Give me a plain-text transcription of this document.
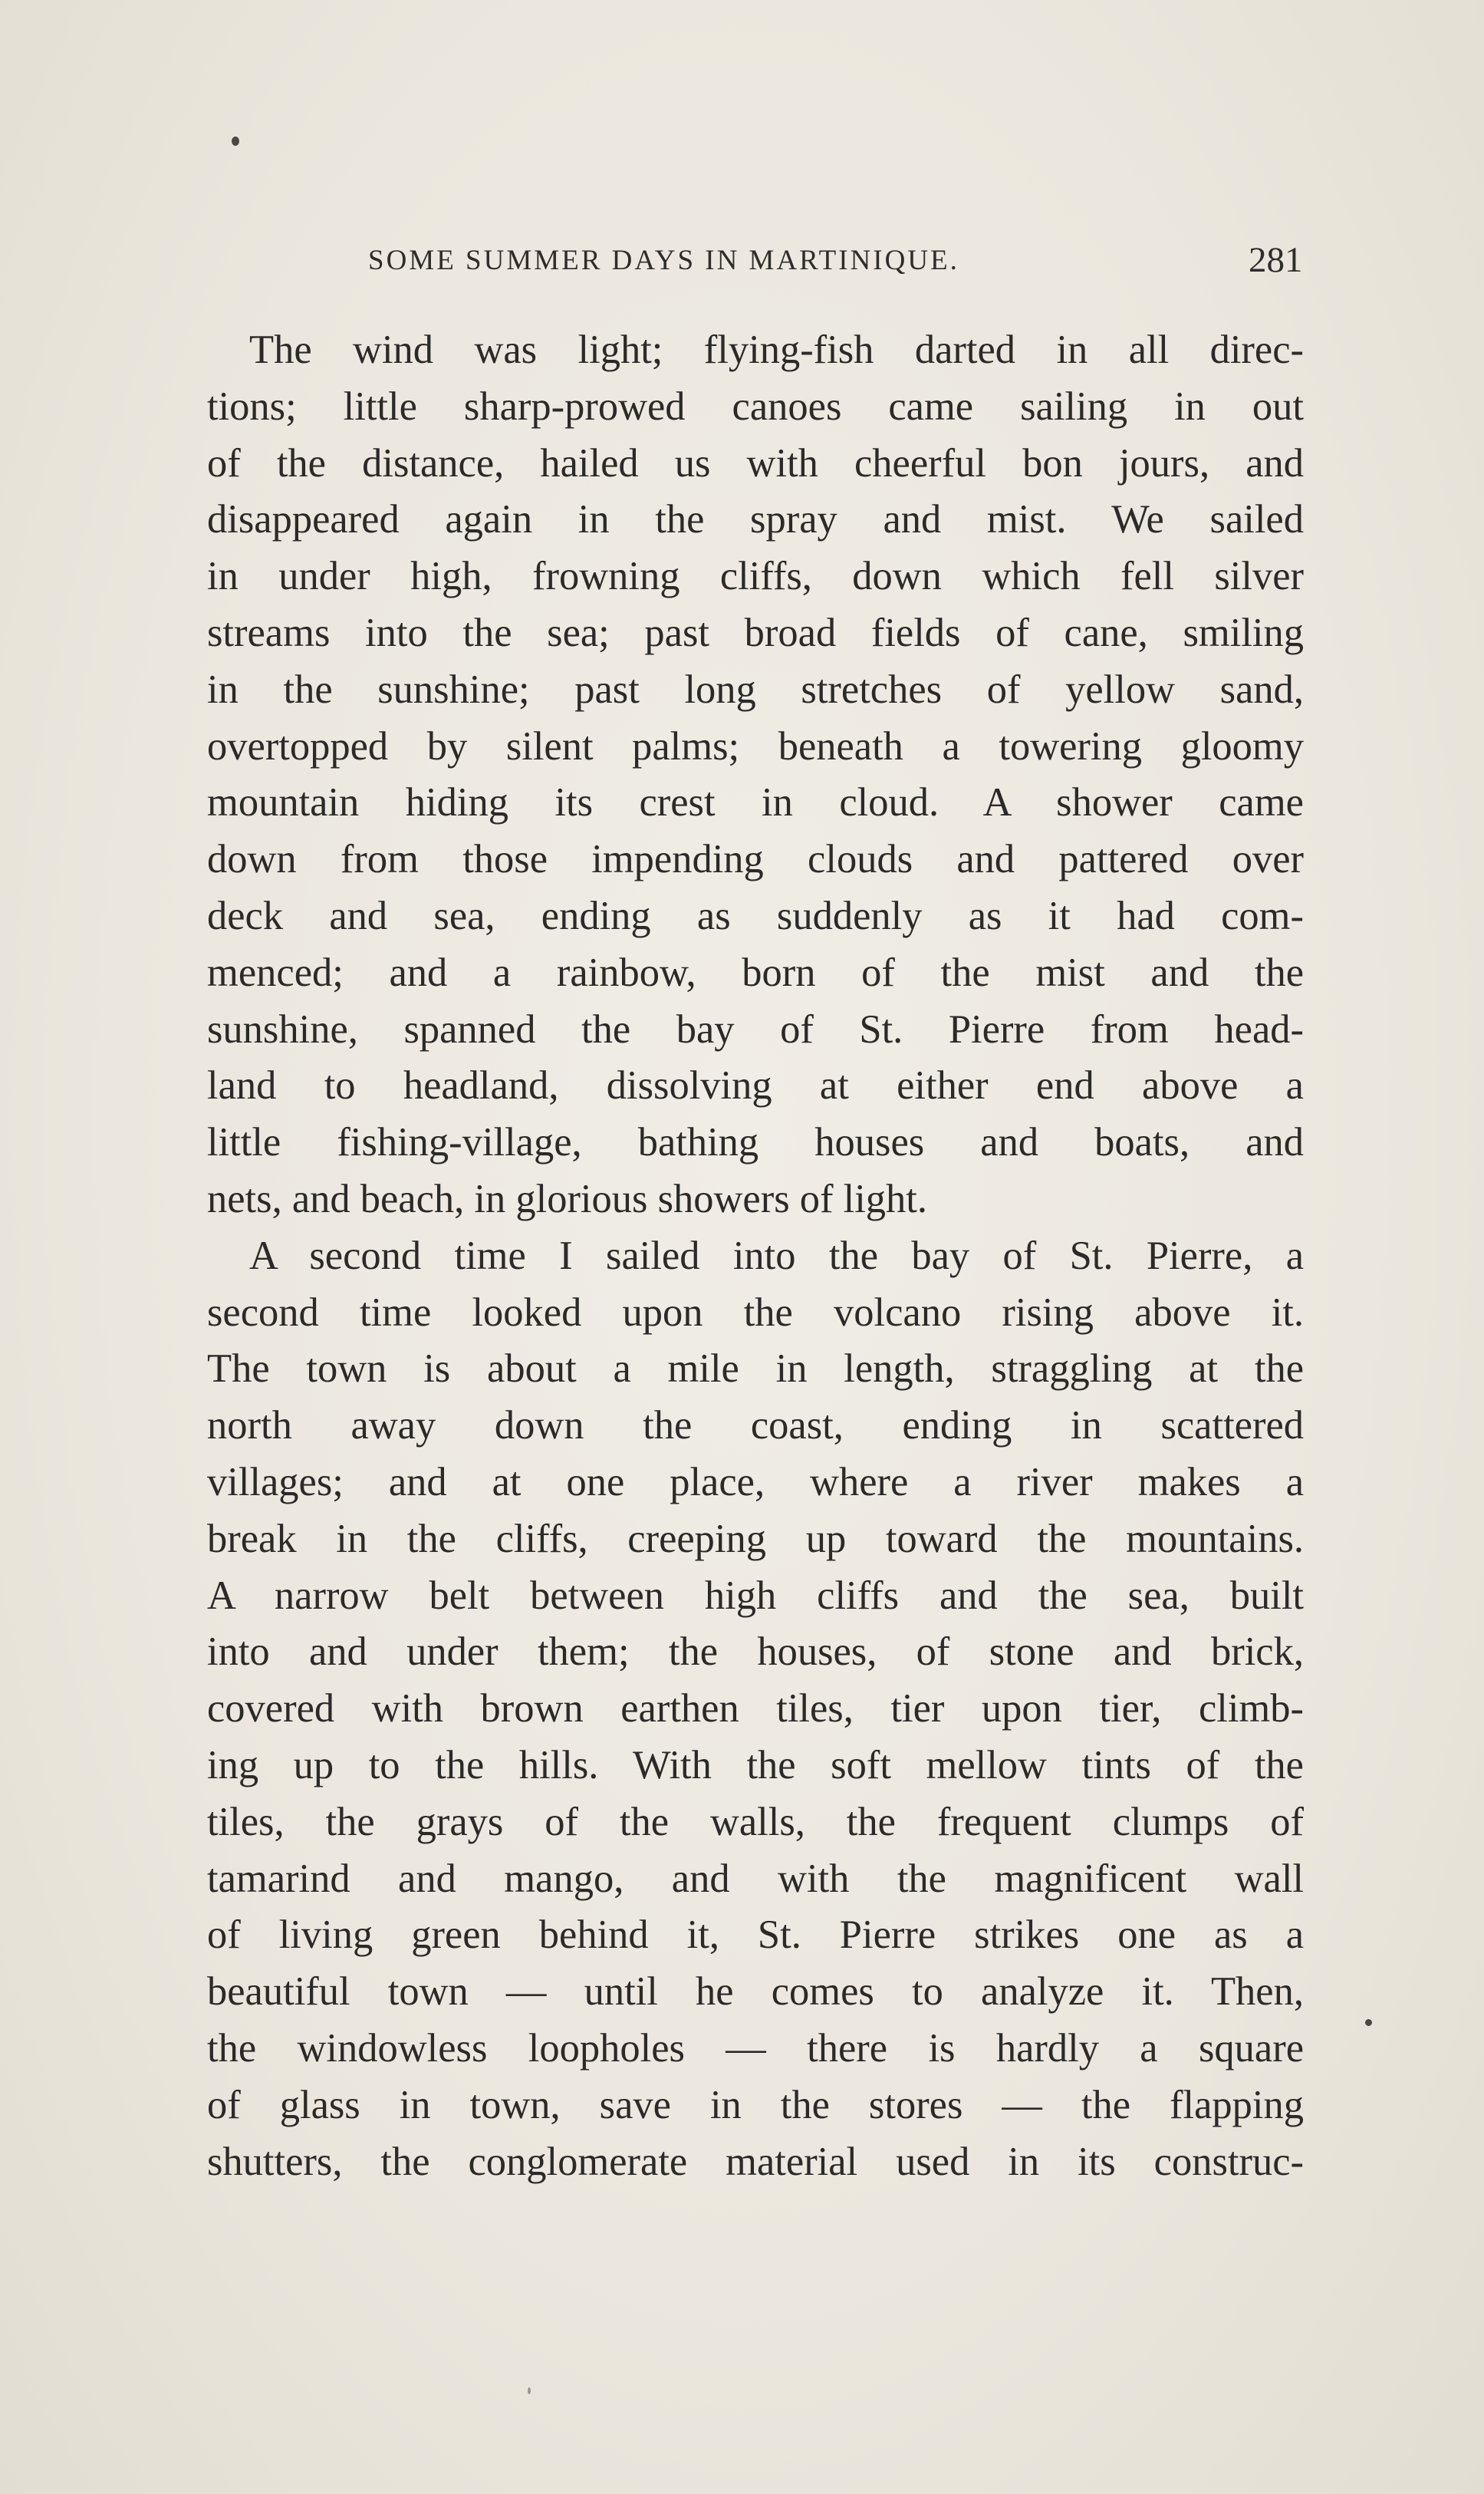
SOME SUMMER DAYS IN MARTINIQUE.	281
The wind was light; flying-fish darted in all direc-
tions; little sharp-prowed canoes came sailing in out
of the distance, hailed us with cheerful bon jours, and
disappeared again in the spray and mist. We sailed
in under high, frowning cliffs, down which fell silver
streams into the sea; past broad fields of cane, smiling
in the sunshine; past long stretches of yellow sand,
overtopped by silent palms; beneath a towering gloomy
mountain hiding its crest in cloud. A shower came
down from those impending clouds and pattered over
deck and sea, ending as suddenly as it had com-
menced; and a rainbow, born of the mist and the
sunshine, spanned the bay of St. Pierre from head-
land to headland, dissolving at either end above a
little fishing-village, bathing houses and boats, and
nets, and beach, in glorious showers of light.
A second time I sailed into the bay of St. Pierre, a
second time looked upon the volcano rising above it.
The town is about a mile in length, straggling at the
north away down the coast, ending in scattered
villages; and at one place, where a river makes a
break in the cliffs, creeping up toward the mountains.
A narrow belt between high cliffs and the sea, built
into and under them; the houses, of stone and brick,
covered with brown earthen tiles, tier upon tier, climb-
ing up to the hills. With the soft mellow tints of the
tiles, the grays of the walls, the frequent clumps of
tamarind and mango, and with the magnificent wall
of living green behind it, St. Pierre strikes one as a
beautiful town — until he comes to analyze it. Then,
the windowless loopholes — there is hardly a square
of glass in town, save in the stores — the flapping
shutters, the conglomerate material used in its construc-
